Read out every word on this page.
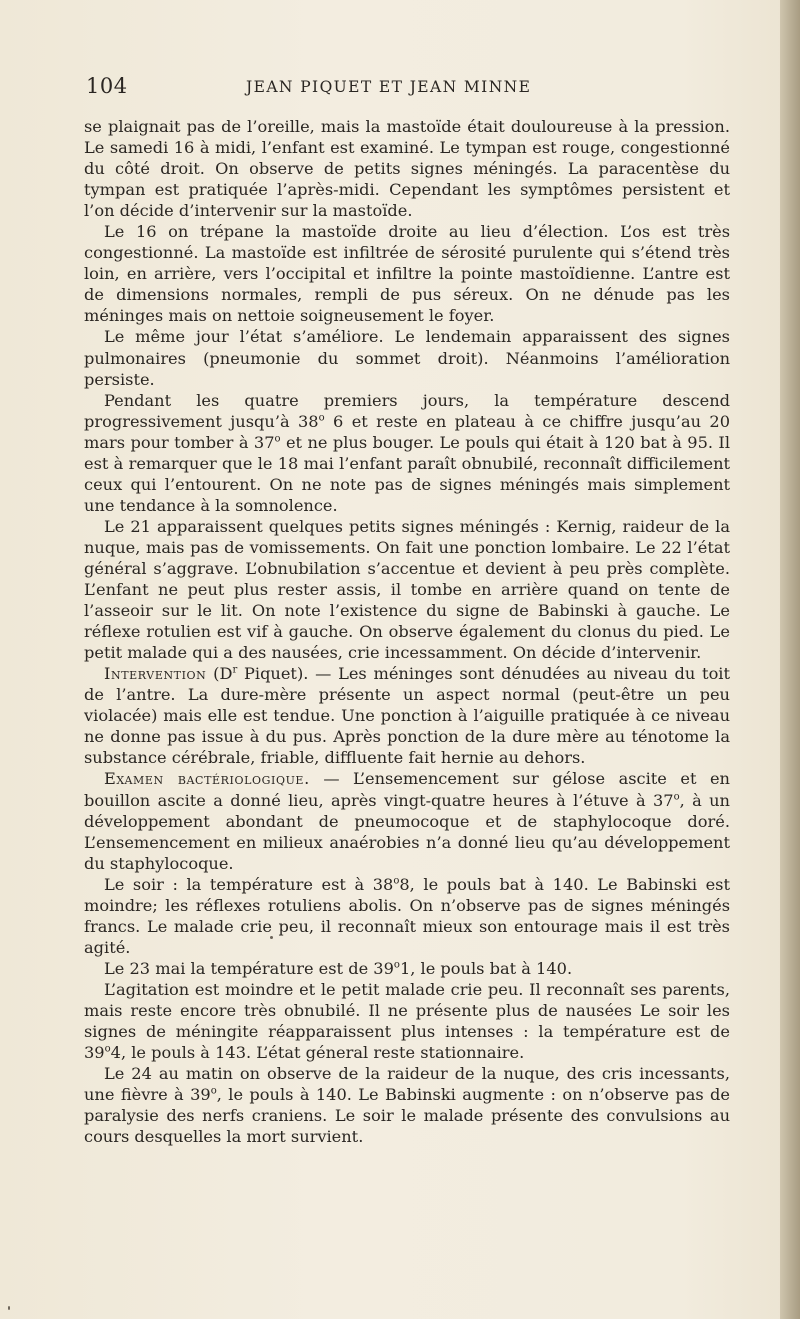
104	JEAN PIQUET ET JEAN MINNE

se plaignait pas de l’oreille, mais la mastoïde était douloureuse à la pression. Le samedi 16 à midi, l’enfant est examiné. Le tympan est rouge, congestionné du côté droit. On observe de petits signes méningés. La paracentèse du tympan est pratiquée l’après-midi. Cependant les symptômes persistent et l’on décide d’intervenir sur la mastoïde.

Le 16 on trépane la mastoïde droite au lieu d’élection. L’os est très congestionné. La mastoïde est infiltrée de sérosité purulente qui s’étend très loin, en arrière, vers l’occipital et infiltre la pointe mastoïdienne. L’antre est de dimensions normales, rempli de pus séreux. On ne dénude pas les méninges mais on nettoie soigneusement le foyer.

Le même jour l’état s’améliore. Le lendemain apparaissent des signes pulmonaires (pneumonie du sommet droit). Néanmoins l’amélioration persiste.

Pendant les quatre premiers jours, la température descend progressivement jusqu’à 38$^o$ 6 et reste en plateau à ce chiffre jusqu’au 20 mars pour tomber à 37$^o$ et ne plus bouger. Le pouls qui était à 120 bat à 95. Il est à remarquer que le 18 mai l’enfant paraît obnubilé, reconnaît difficilement ceux qui l’entourent. On ne note pas de signes méningés mais simplement une tendance à la somnolence.

Le 21 apparaissent quelques petits signes méningés : Kernig, raideur de la nuque, mais pas de vomissements. On fait une ponction lombaire. Le 22 l’état général s’aggrave. L’obnubilation s’accentue et devient à peu près complète. L’enfant ne peut plus rester assis, il tombe en arrière quand on tente de l’asseoir sur le lit. On note l’existence du signe de Babinski à gauche. Le réflexe rotulien est vif à gauche. On observe également du clonus du pied. Le petit malade qui a des nausées, crie incessamment. On décide d’intervenir.

Intervention ($D^r$ Piquet). — Les méninges sont dénudées au niveau du toit de l’antre. La dure-mère présente un aspect normal (peut-être un peu violacée) mais elle est tendue. Une ponction à l’aiguille pratiquée à ce niveau ne donne pas issue à du pus. Après ponction de la dure mère au ténotome la substance cérébrale, friable, diffluente fait hernie au dehors.

Examen bactériologique. — L’ensemencement sur gélose ascite et en bouillon ascite a donné lieu, après vingt-quatre heures à l’étuve à 37$^o$, à un développement abondant de pneumocoque et de staphylocoque doré. L’ensemencement en milieux anaérobies n’a donné lieu qu’au développement du staphylocoque.

Le soir : la température est à 38$^o$8, le pouls bat à 140. Le Babinski est moindre; les réflexes rotuliens abolis. On n’observe pas de signes méningés francs. Le malade crie peu, il reconnaît mieux son entourage mais il est très agité.

Le 23 mai la température est de 39$^o$1, le pouls bat à 140.

L’agitation est moindre et le petit malade crie peu. Il reconnaît ses parents, mais reste encore très obnubilé. Il ne présente plus de nausées Le soir les signes de méningite réapparaissent plus intenses : la température est de 39$^o$4, le pouls à 143. L’état géneral reste stationnaire.

Le 24 au matin on observe de la raideur de la nuque, des cris incessants, une fièvre à 39$^o$, le pouls à 140. Le Babinski augmente : on n’observe pas de paralysie des nerfs craniens. Le soir le malade présente des convulsions au cours desquelles la mort survient.
